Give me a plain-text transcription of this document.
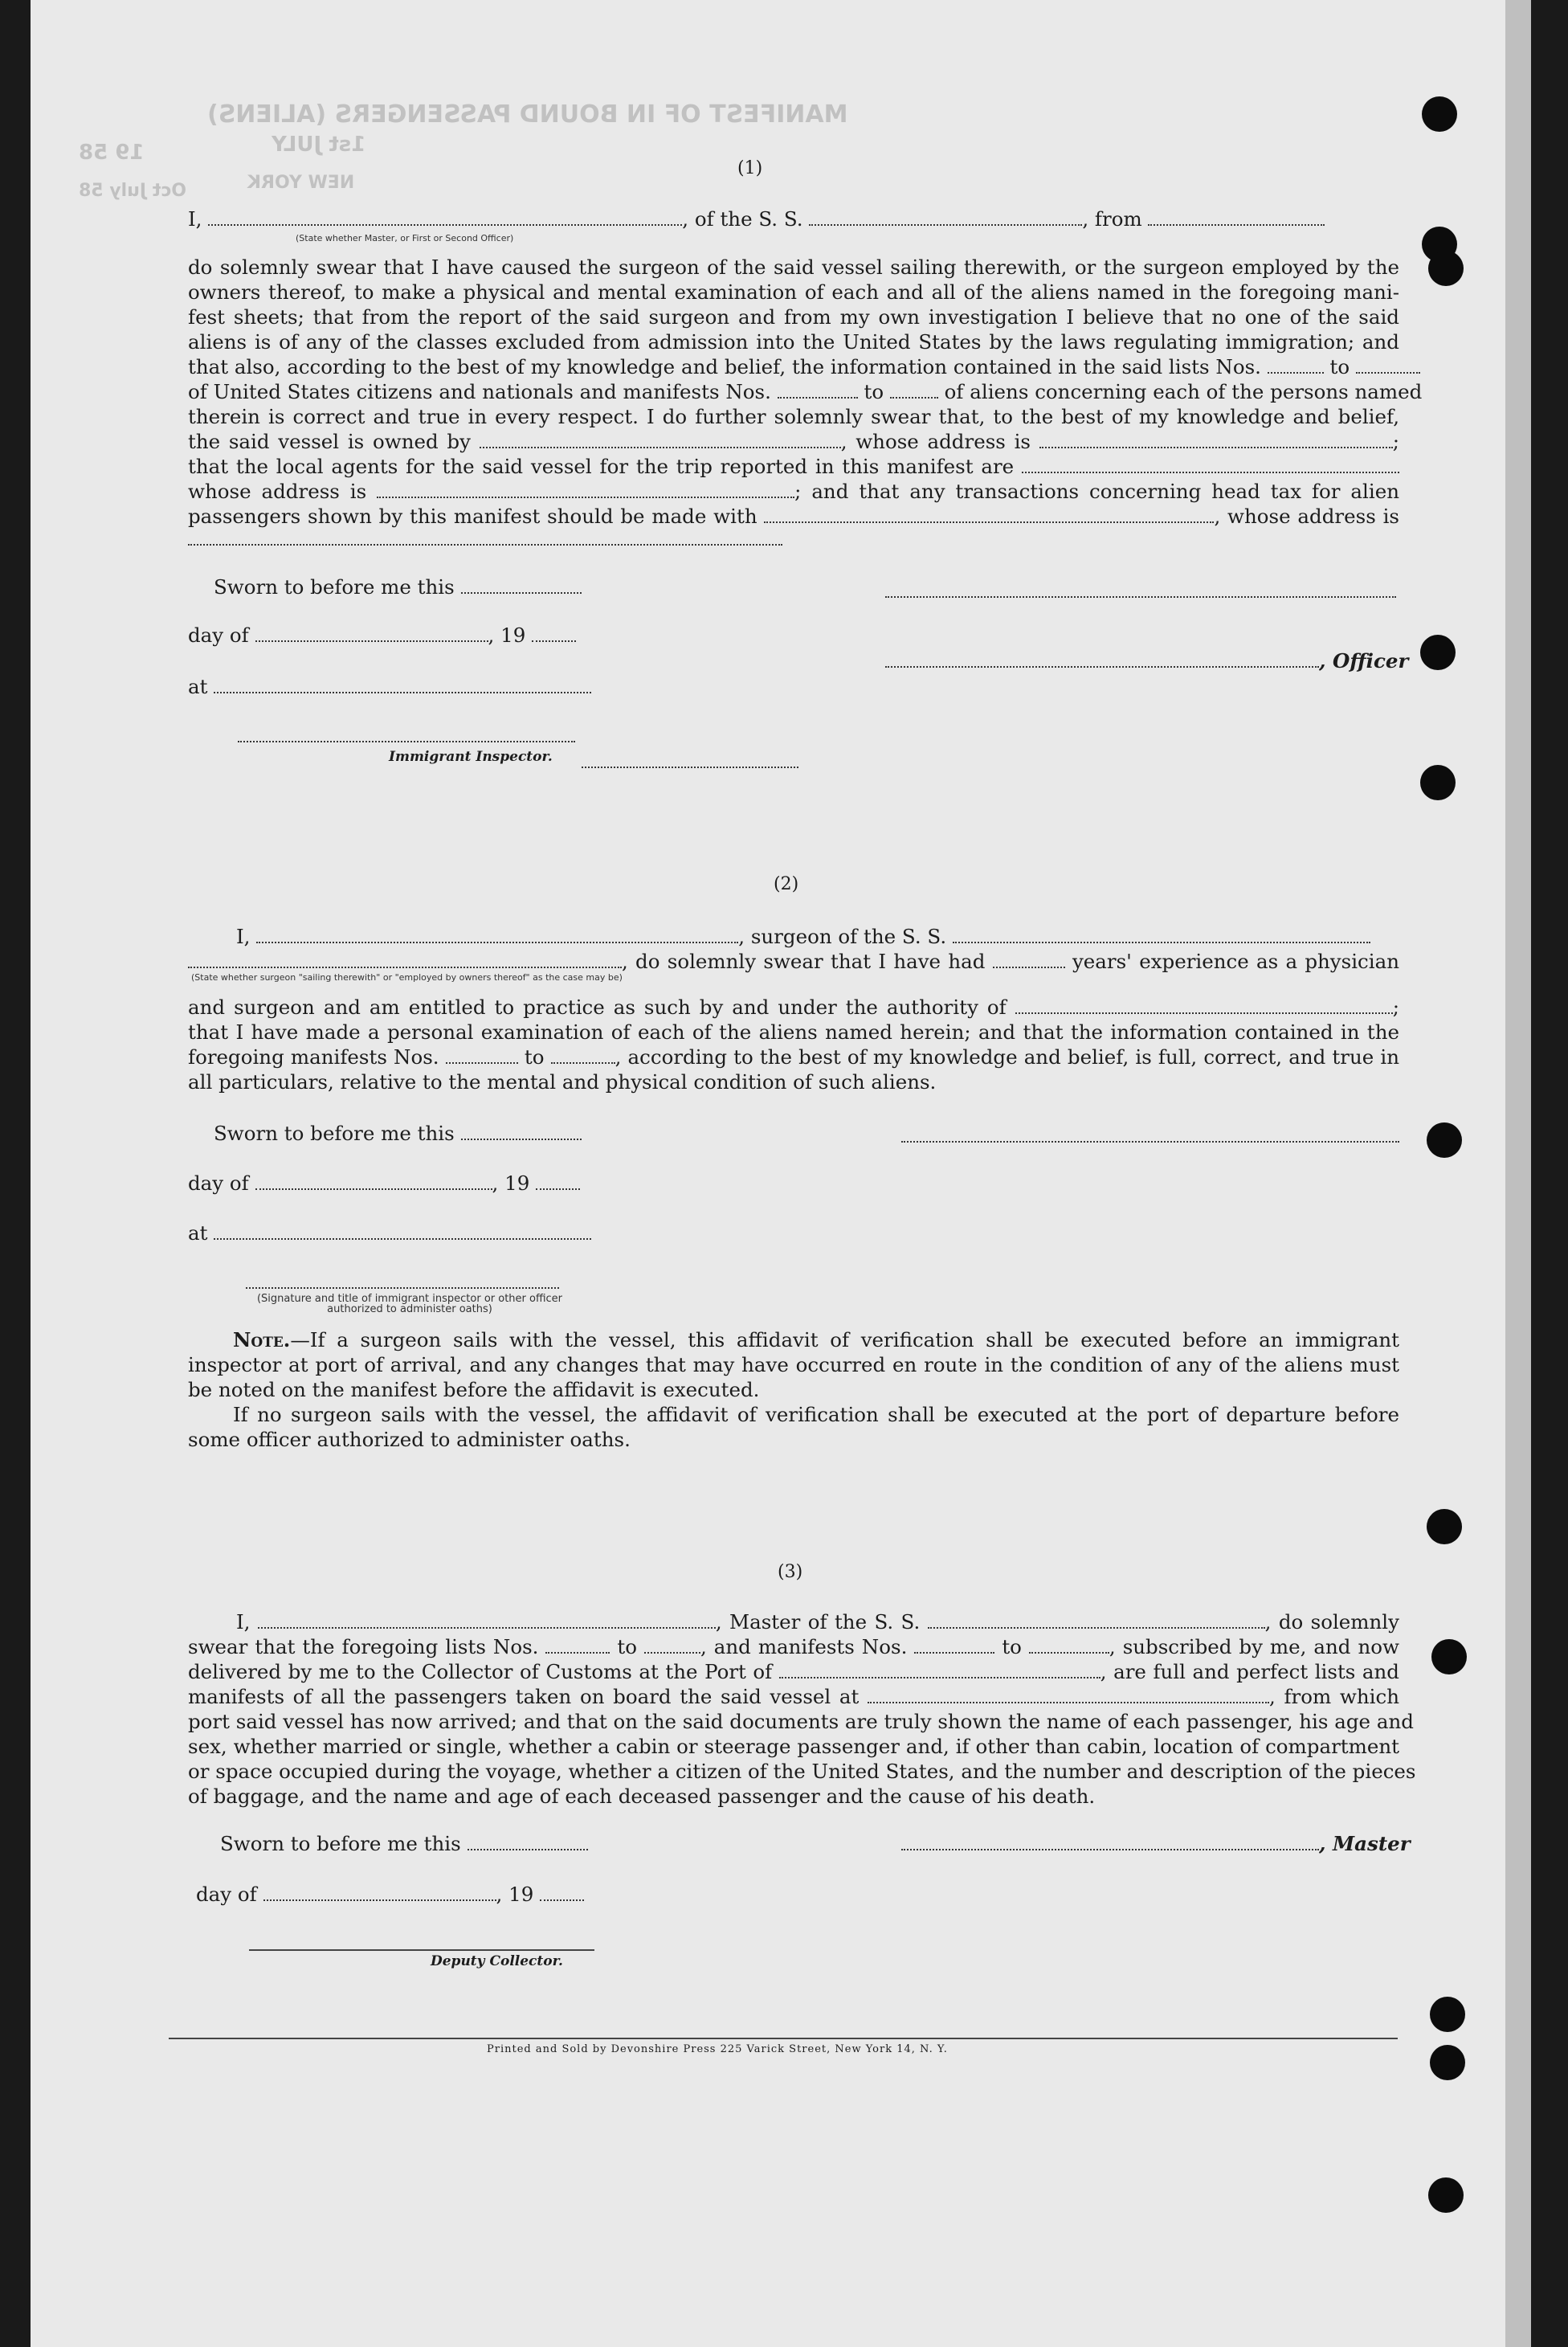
MANIFEST OF IN BOUND PASSENGERS (ALIENS)
1st JULY
19 58
NEW YORK
Oct July 58
(1)
I,	, of the S. S.	, from
(State whether Master, or First or Second Officer)
do solemnly swear that I have caused the surgeon of the said vessel sailing therewith, or the surgeon employed by the
owners thereof, to make a physical and mental examination of each and all of the aliens named in the foregoing mani-
fest sheets; that from the report of the said surgeon and from my own investigation I believe that no one of the said
aliens is of any of the classes excluded from admission into the United States by the laws regulating immigration; and
that also, according to the best of my knowledge and belief, the information contained in the said lists Nos.	to
of United States citizens and nationals and manifests Nos.	to	of aliens concerning each of the persons named
therein is correct and true in every respect. I do further solemnly swear that, to the best of my knowledge and belief,
the said vessel is owned by	, whose address is	;
that the local agents for the said vessel for the trip reported in this manifest are
whose address is	; and that any transactions concerning head tax for alien
passengers shown by this manifest should be made with	, whose address is
Sworn to before me this
day of	, 19
, Officer
at
Immigrant Inspector.
(2)
I,	, surgeon of the S. S.
, do solemnly swear that I have had	years' experience as a physician
(State whether surgeon "sailing therewith" or "employed by owners thereof" as the case may be)
and surgeon and am entitled to practice as such by and under the authority of	;
that I have made a personal examination of each of the aliens named herein; and that the information contained in the
foregoing manifests Nos.	to	, according to the best of my knowledge and belief, is full, correct, and true in
all particulars, relative to the mental and physical condition of such aliens.
Sworn to before me this
day of	, 19
at
(Signature and title of immigrant inspector or other officer authorized to administer oaths)
Note.—If a surgeon sails with the vessel, this affidavit of verification shall be executed before an immigrant
inspector at port of arrival, and any changes that may have occurred en route in the condition of any of the aliens must
be noted on the manifest before the affidavit is executed.
If no surgeon sails with the vessel, the affidavit of verification shall be executed at the port of departure before
some officer authorized to administer oaths.
(3)
I,	, Master of the S. S.	, do solemnly
swear that the foregoing lists Nos.	to	, and manifests Nos.	to	, subscribed by me, and now
delivered by me to the Collector of Customs at the Port of	, are full and perfect lists and
manifests of all the passengers taken on board the said vessel at	, from which
port said vessel has now arrived; and that on the said documents are truly shown the name of each passenger, his age and
sex, whether married or single, whether a cabin or steerage passenger and, if other than cabin, location of compartment
or space occupied during the voyage, whether a citizen of the United States, and the number and description of the pieces
of baggage, and the name and age of each deceased passenger and the cause of his death.
Sworn to before me this	, Master
day of	, 19
Deputy Collector.
Printed and Sold by Devonshire Press 225 Varick Street, New York 14, N. Y.
